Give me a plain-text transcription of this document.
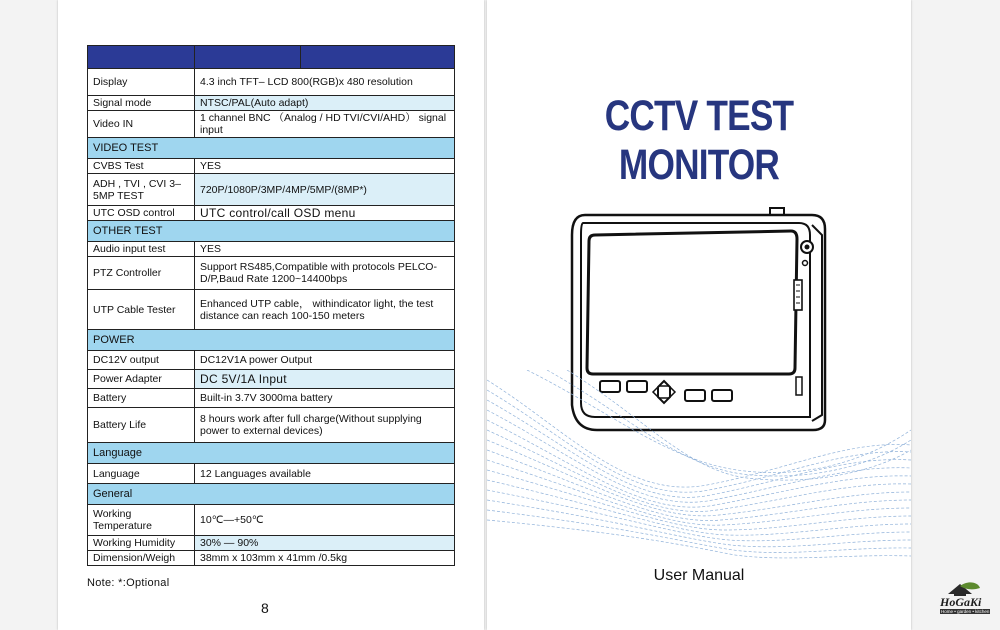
Display	4.3 inch TFT– LCD 800(RGB)x 480 resolution	
Signal mode	NTSC/PAL(Auto adapt)	
Video IN	1 channel BNC （Analog / HD TVI/CVI/AHD） signal input	
VIDEO TEST		
CVBS Test	YES	
ADH , TVI , CVI 3–5MP TEST	720P/1080P/3MP/4MP/5MP/(8MP*)	
UTC OSD control	UTC control/call OSD menu	
OTHER TEST		
Audio input test	YES	
PTZ Controller	Support RS485,Compatible with protocols PELCO-D/P,Baud Rate 1200~14400bps	
UTP Cable Tester	Enhanced UTP cable， withindicator light, the test distance can reach 100-150 meters	
POWER		
DC12V output	DC12V1A power Output	
Power Adapter	DC 5V/1A Input	
Battery	Built-in 3.7V 3000ma battery	
Battery Life	8 hours work after full charge(Without supplying power to external devices)	
Language		
Language	12 Languages available	
General		
Working Temperature	10℃—+50℃	
Working Humidity	30% — 90%	
Dimension/Weigh	38mm x 103mm x 41mm /0.5kg	
Note: *:Optional
8
CCTV TEST MONITOR
User Manual
HoGaKi
Home • garden • kitchen
